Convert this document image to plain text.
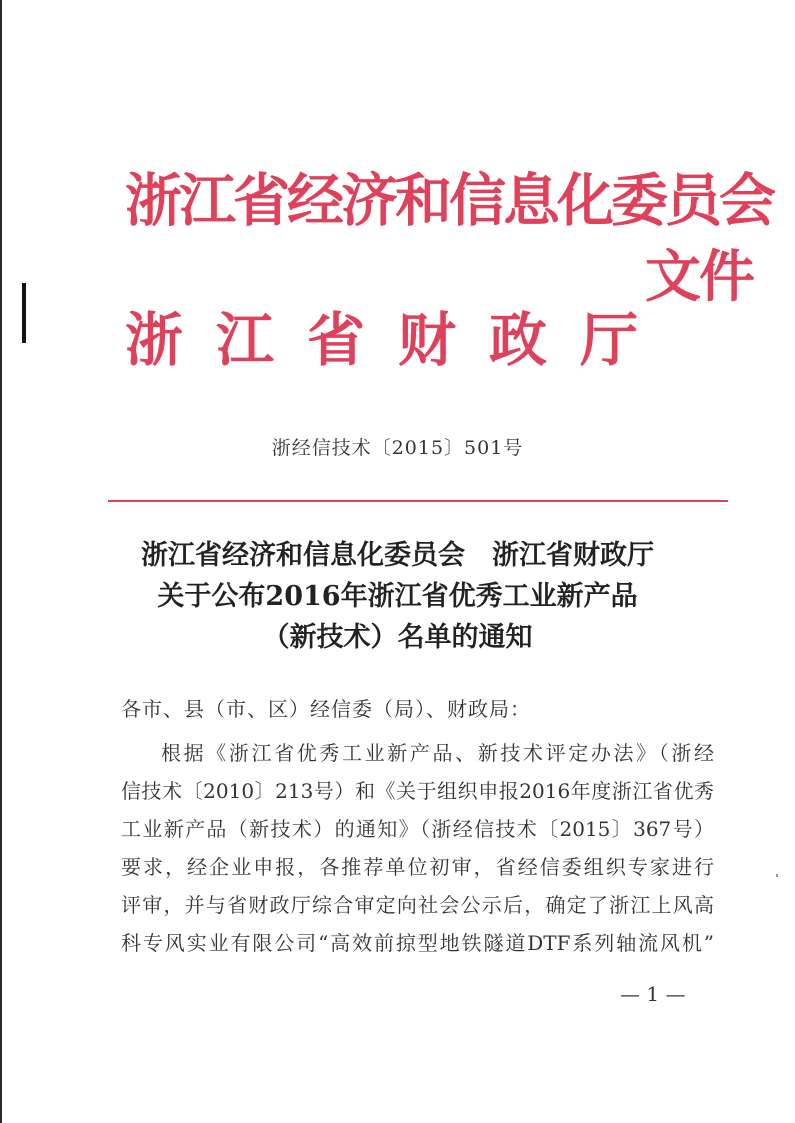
浙江省经济和信息化委员会
文件
浙江省财政厅
浙经信技术〔2015〕501号
浙江省经济和信息化委员会　浙江省财政厅
关于公布2016年浙江省优秀工业新产品
（新技术）名单的通知
各市、县（市、区）经信委（局）、财政局：
根据《浙江省优秀工业新产品、新技术评定办法》（浙经
信技术〔2010〕213号）和《关于组织申报2016年度浙江省优秀
工业新产品（新技术）的通知》（浙经信技术〔2015〕367号）
要求，经企业申报，各推荐单位初审，省经信委组织专家进行
评审，并与省财政厅综合审定向社会公示后，确定了浙江上风高
科专风实业有限公司“高效前掠型地铁隧道DTF系列轴流风机”
— 1 —
